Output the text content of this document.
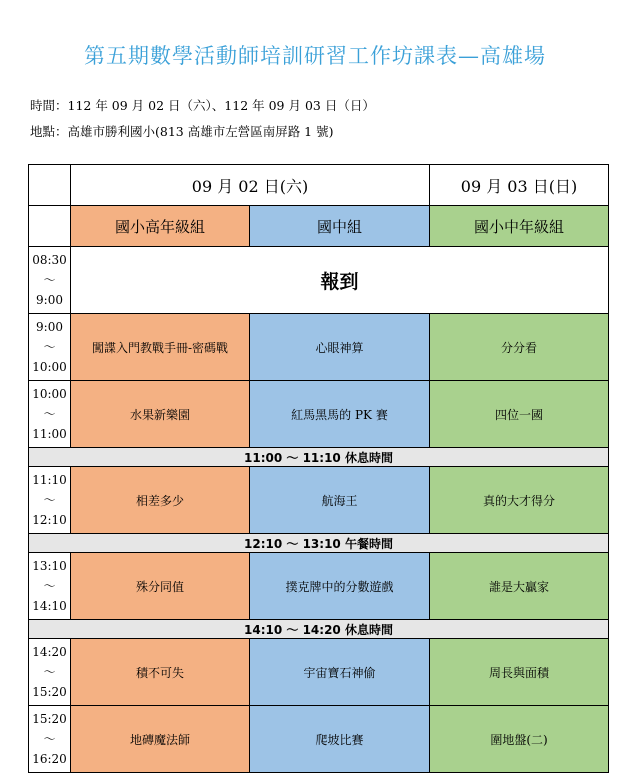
第五期數學活動師培訓研習工作坊課表—高雄場
時間：112 年 09 月 02 日（六）、112 年 09 月 03 日（日）
地點：高雄市勝利國小(813 高雄市左營區南屏路 1 號)
	09 月 02 日(六)		09 月 03 日(日)
	國小高年級組	國中組	國小中年級組

08:30
～
9:00	報到		

9:00
～
10:00	闖諜入門教戰手冊-密碼戰	心眼神算	分分看

10:00
～
11:00	水果新樂園	紅馬黑馬的 PK 賽	四位一國
11:00 ～ 11:10 休息時間			

11:10
～
12:10	相差多少	航海王	真的大才得分
12:10 ～ 13:10 午餐時間			

13:10
～
14:10	殊分同值	撲克牌中的分數遊戲	誰是大贏家
14:10 ～ 14:20 休息時間			

14:20
～
15:20	積不可失	宇宙寶石神偷	周長與面積

15:20
～
16:20	地磚魔法師	爬坡比賽	圍地盤(二)
